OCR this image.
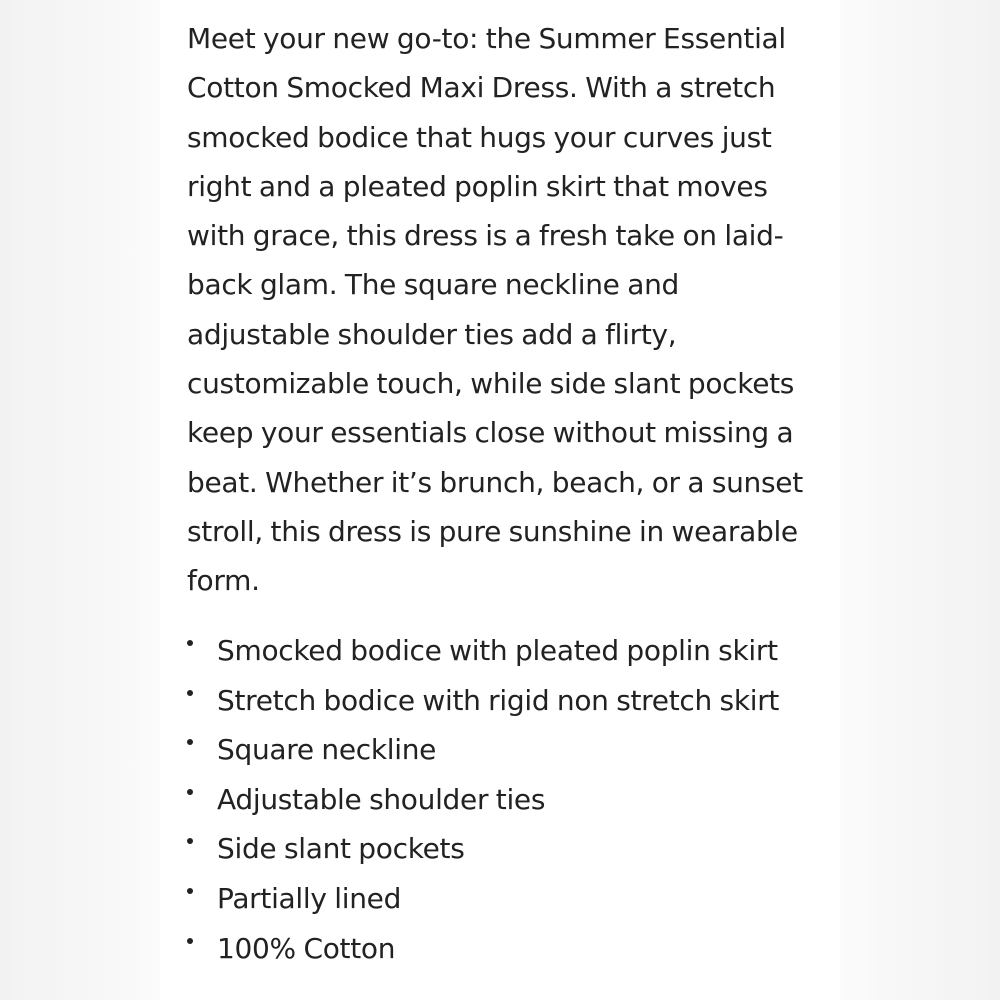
Meet your new go-to: the Summer Essential Cotton Smocked Maxi Dress. With a stretch smocked bodice that hugs your curves just right and a pleated poplin skirt that moves with grace, this dress is a fresh take on laid-back glam. The square neckline and adjustable shoulder ties add a flirty, customizable touch, while side slant pockets keep your essentials close without missing a beat. Whether it’s brunch, beach, or a sunset stroll, this dress is pure sunshine in wearable form.

Smocked bodice with pleated poplin skirt
Stretch bodice with rigid non stretch skirt
Square neckline
Adjustable shoulder ties
Side slant pockets
Partially lined
100% Cotton
